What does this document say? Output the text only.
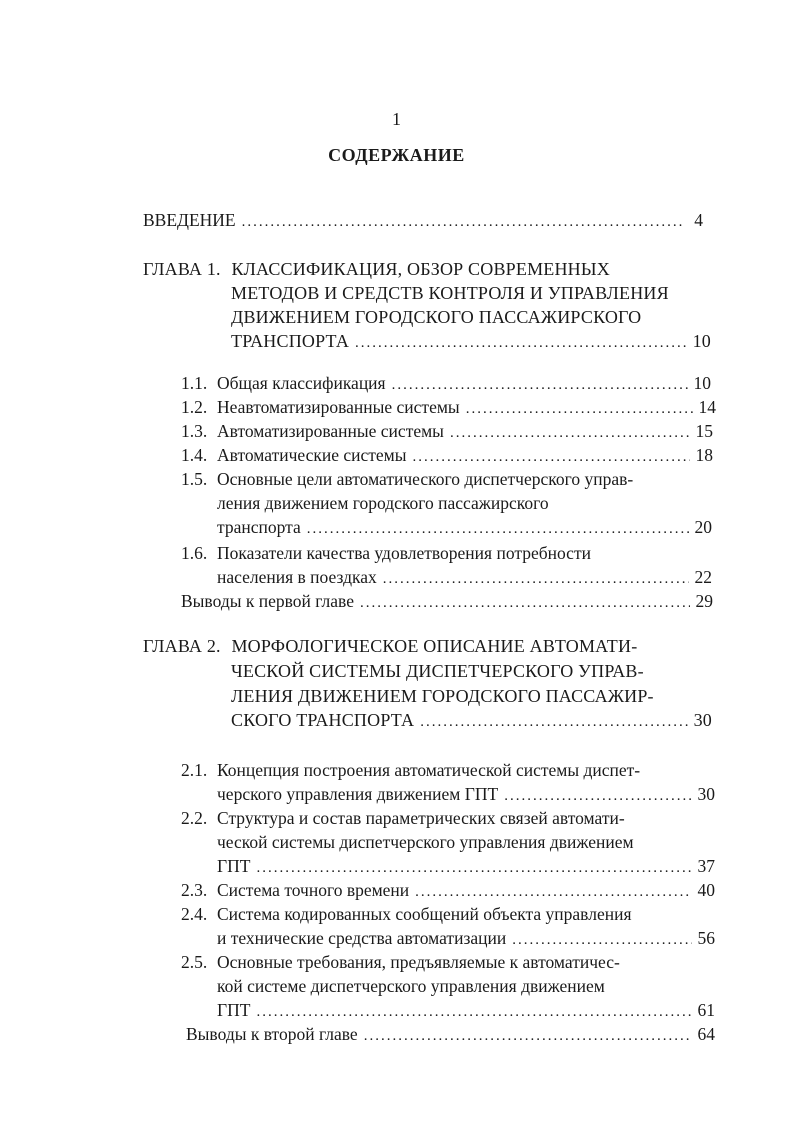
1
СОДЕРЖАНИЕ
ВВЕДЕНИЕ .....	4
ГЛАВА 1. КЛАССИФИКАЦИЯ, ОБЗОР СОВРЕМЕННЫХ
МЕТОДОВ И СРЕДСТВ КОНТРОЛЯ И УПРАВЛЕНИЯ
ДВИЖЕНИЕМ ГОРОДСКОГО ПАССАЖИРСКОГО
ТРАНСПОРТА .....	10
1.1. Общая классификация .....	10
1.2. Неавтоматизированные системы .....	14
1.3. Автоматизированные системы .....	15
1.4. Автоматические системы .....	18
1.5. Основные цели автоматического диспетчерского управ-
ления движением городского пассажирского
транспорта .....	20
1.6. Показатели качества удовлетворения потребности
населения в поездках .....	22
Выводы к первой главе .....	29
ГЛАВА 2. МОРФОЛОГИЧЕСКОЕ ОПИСАНИЕ АВТОМАТИ-
ЧЕСКОЙ СИСТЕМЫ ДИСПЕТЧЕРСКОГО УПРАВ-
ЛЕНИЯ ДВИЖЕНИЕМ ГОРОДСКОГО ПАССАЖИР-
СКОГО ТРАНСПОРТА .....	30
2.1. Концепция построения автоматической системы диспет-
черского управления движением ГПТ .....	30
2.2. Структура и состав параметрических связей автомати-
ческой системы диспетчерского управления движением
ГПТ .....	37
2.3. Система точного времени .....	40
2.4. Система кодированных сообщений объекта управления
и технические средства автоматизации .....	56
2.5. Основные требования, предъявляемые к автоматичес-
кой системе диспетчерского управления движением
ГПТ .....	61
Выводы к второй главе .....	64
